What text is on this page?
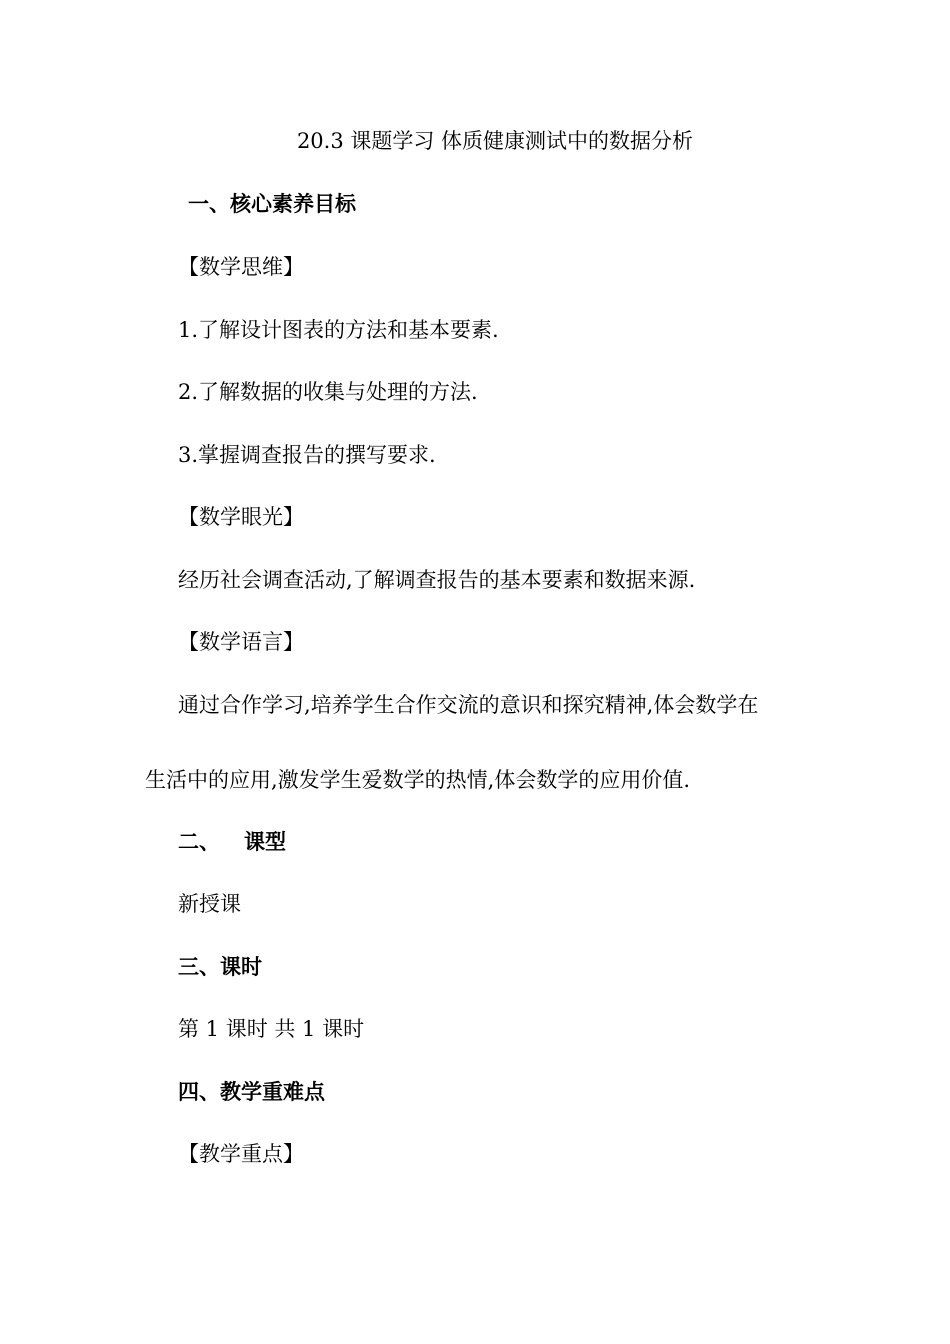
20.3 课题学习 体质健康测试中的数据分析
一、核心素养目标
【数学思维】
1.了解设计图表的方法和基本要素.
2.了解数据的收集与处理的方法.
3.掌握调查报告的撰写要求.
【数学眼光】
经历社会调查活动,了解调查报告的基本要素和数据来源.
【数学语言】
通过合作学习,培养学生合作交流的意识和探究精神,体会数学在
生活中的应用,激发学生爱数学的热情,体会数学的应用价值.
二、 课型
新授课
三、课时
第 1 课时 共 1 课时
四、教学重难点
【教学重点】
